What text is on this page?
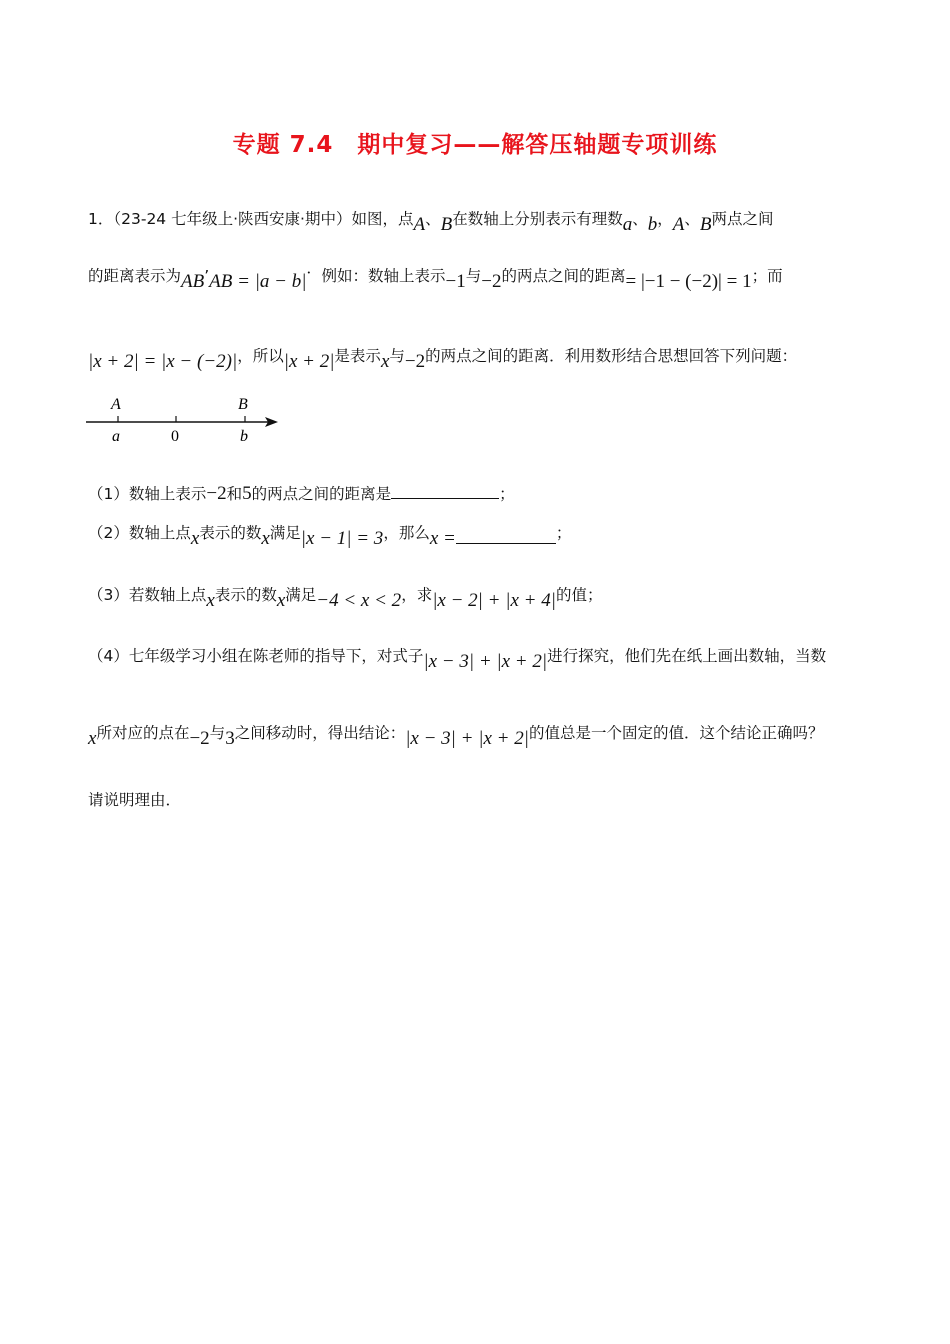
专题 7.4　期中复习——解答压轴题专项训练
1．（23-24 七年级上·陕西安康·期中）如图，点A、B在数轴上分别表示有理数a、b，A、B两点之间
的距离表示为AB’AB = |a − b|．例如：数轴上表示−1与−2的两点之间的距离= |−1 − (−2)| = 1；而
|x + 2| = |x − (−2)|，所以|x + 2|是表示x与−2的两点之间的距离．利用数形结合思想回答下列问题：
A	B
a	0	b
（1）数轴上表示−2和5的两点之间的距离是	；
（2）数轴上点x表示的数x满足|x − 1| = 3，那么x =	；
（3）若数轴上点x表示的数x满足−4 < x < 2，求|x − 2| + |x + 4|的值；
（4）七年级学习小组在陈老师的指导下，对式子|x − 3| + |x + 2|进行探究，他们先在纸上画出数轴，当数
x所对应的点在−2与3之间移动时，得出结论：|x − 3| + |x + 2|的值总是一个固定的值．这个结论正确吗？
请说明理由．
